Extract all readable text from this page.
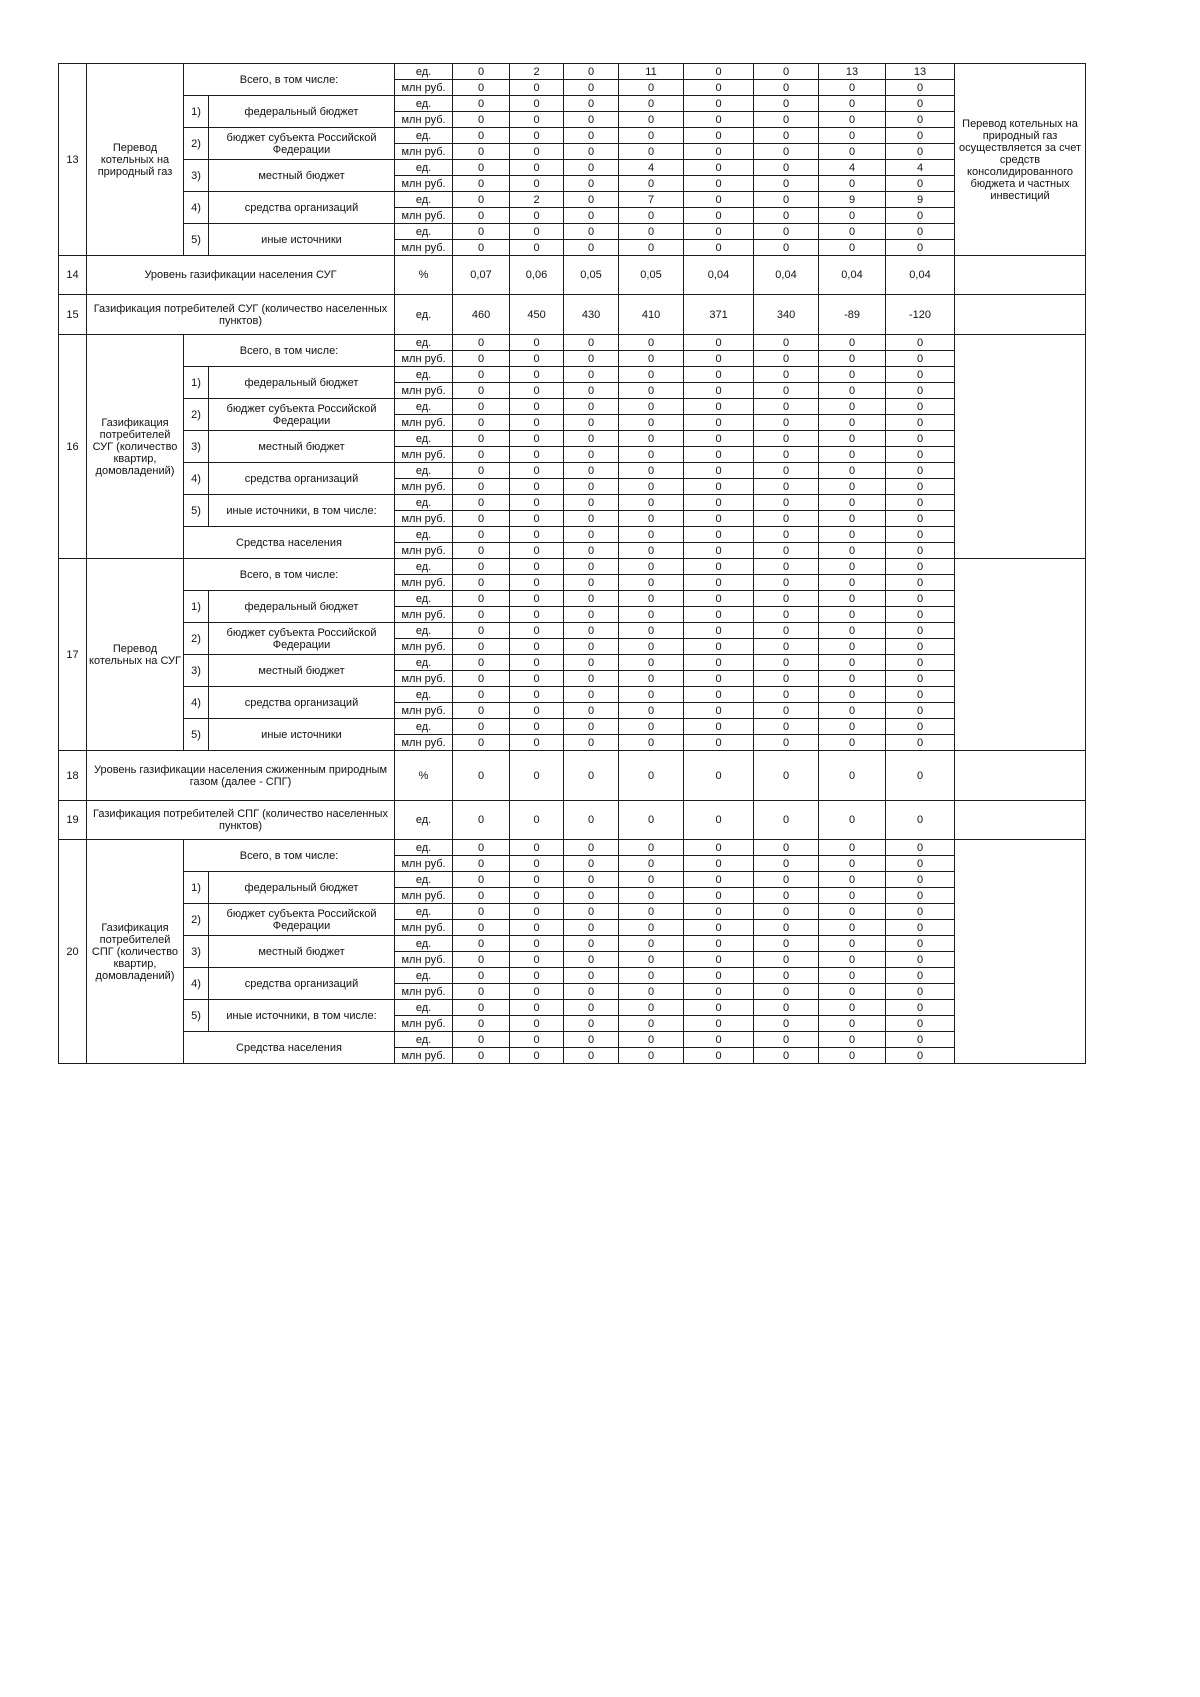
13	Перевод котельных на природный газ	Всего, в том числе:		ед.	0	2	0	11	0	0	13	13	Перевод котельных на природный газ осуществляется за счет средств консолидированного бюджета и частных инвестиций
				млн руб.	0	0	0	0	0	0	0	0	
		1)	федеральный бюджет	ед.	0	0	0	0	0	0	0	0	
				млн руб.	0	0	0	0	0	0	0	0	
		2)	бюджет субъекта Российской Федерации	ед.	0	0	0	0	0	0	0	0	
				млн руб.	0	0	0	0	0	0	0	0	
		3)	местный бюджет	ед.	0	0	0	4	0	0	4	4	
				млн руб.	0	0	0	0	0	0	0	0	
		4)	средства организаций	ед.	0	2	0	7	0	0	9	9	
				млн руб.	0	0	0	0	0	0	0	0	
		5)	иные источники	ед.	0	0	0	0	0	0	0	0	
				млн руб.	0	0	0	0	0	0	0	0	
14	Уровень газификации населения СУГ			%	0,07	0,06	0,05	0,05	0,04	0,04	0,04	0,04	
15	Газификация потребителей СУГ (количество населенных пунктов)			ед.	460	450	430	410	371	340	-89	-120	
16	Газификация потребителей СУГ (количество квартир, домовладений)	Всего, в том числе:		ед.	0	0	0	0	0	0	0	0	
				млн руб.	0	0	0	0	0	0	0	0	
		1)	федеральный бюджет	ед.	0	0	0	0	0	0	0	0	
				млн руб.	0	0	0	0	0	0	0	0	
		2)	бюджет субъекта Российской Федерации	ед.	0	0	0	0	0	0	0	0	
				млн руб.	0	0	0	0	0	0	0	0	
		3)	местный бюджет	ед.	0	0	0	0	0	0	0	0	
				млн руб.	0	0	0	0	0	0	0	0	
		4)	средства организаций	ед.	0	0	0	0	0	0	0	0	
				млн руб.	0	0	0	0	0	0	0	0	
		5)	иные источники, в том числе:	ед.	0	0	0	0	0	0	0	0	
				млн руб.	0	0	0	0	0	0	0	0	
		Средства населения		ед.	0	0	0	0	0	0	0	0	
				млн руб.	0	0	0	0	0	0	0	0	
17	Перевод котельных на СУГ	Всего, в том числе:		ед.	0	0	0	0	0	0	0	0	
				млн руб.	0	0	0	0	0	0	0	0	
		1)	федеральный бюджет	ед.	0	0	0	0	0	0	0	0	
				млн руб.	0	0	0	0	0	0	0	0	
		2)	бюджет субъекта Российской Федерации	ед.	0	0	0	0	0	0	0	0	
				млн руб.	0	0	0	0	0	0	0	0	
		3)	местный бюджет	ед.	0	0	0	0	0	0	0	0	
				млн руб.	0	0	0	0	0	0	0	0	
		4)	средства организаций	ед.	0	0	0	0	0	0	0	0	
				млн руб.	0	0	0	0	0	0	0	0	
		5)	иные источники	ед.	0	0	0	0	0	0	0	0	
				млн руб.	0	0	0	0	0	0	0	0	
18	Уровень газификации населения сжиженным природным газом (далее - СПГ)			%	0	0	0	0	0	0	0	0	
19	Газификация потребителей СПГ (количество населенных пунктов)			ед.	0	0	0	0	0	0	0	0	
20	Газификация потребителей СПГ (количество квартир, домовладений)	Всего, в том числе:		ед.	0	0	0	0	0	0	0	0	
				млн руб.	0	0	0	0	0	0	0	0	
		1)	федеральный бюджет	ед.	0	0	0	0	0	0	0	0	
				млн руб.	0	0	0	0	0	0	0	0	
		2)	бюджет субъекта Российской Федерации	ед.	0	0	0	0	0	0	0	0	
				млн руб.	0	0	0	0	0	0	0	0	
		3)	местный бюджет	ед.	0	0	0	0	0	0	0	0	
				млн руб.	0	0	0	0	0	0	0	0	
		4)	средства организаций	ед.	0	0	0	0	0	0	0	0	
				млн руб.	0	0	0	0	0	0	0	0	
		5)	иные источники, в том числе:	ед.	0	0	0	0	0	0	0	0	
				млн руб.	0	0	0	0	0	0	0	0	
		Средства населения		ед.	0	0	0	0	0	0	0	0	
				млн руб.	0	0	0	0	0	0	0	0	
